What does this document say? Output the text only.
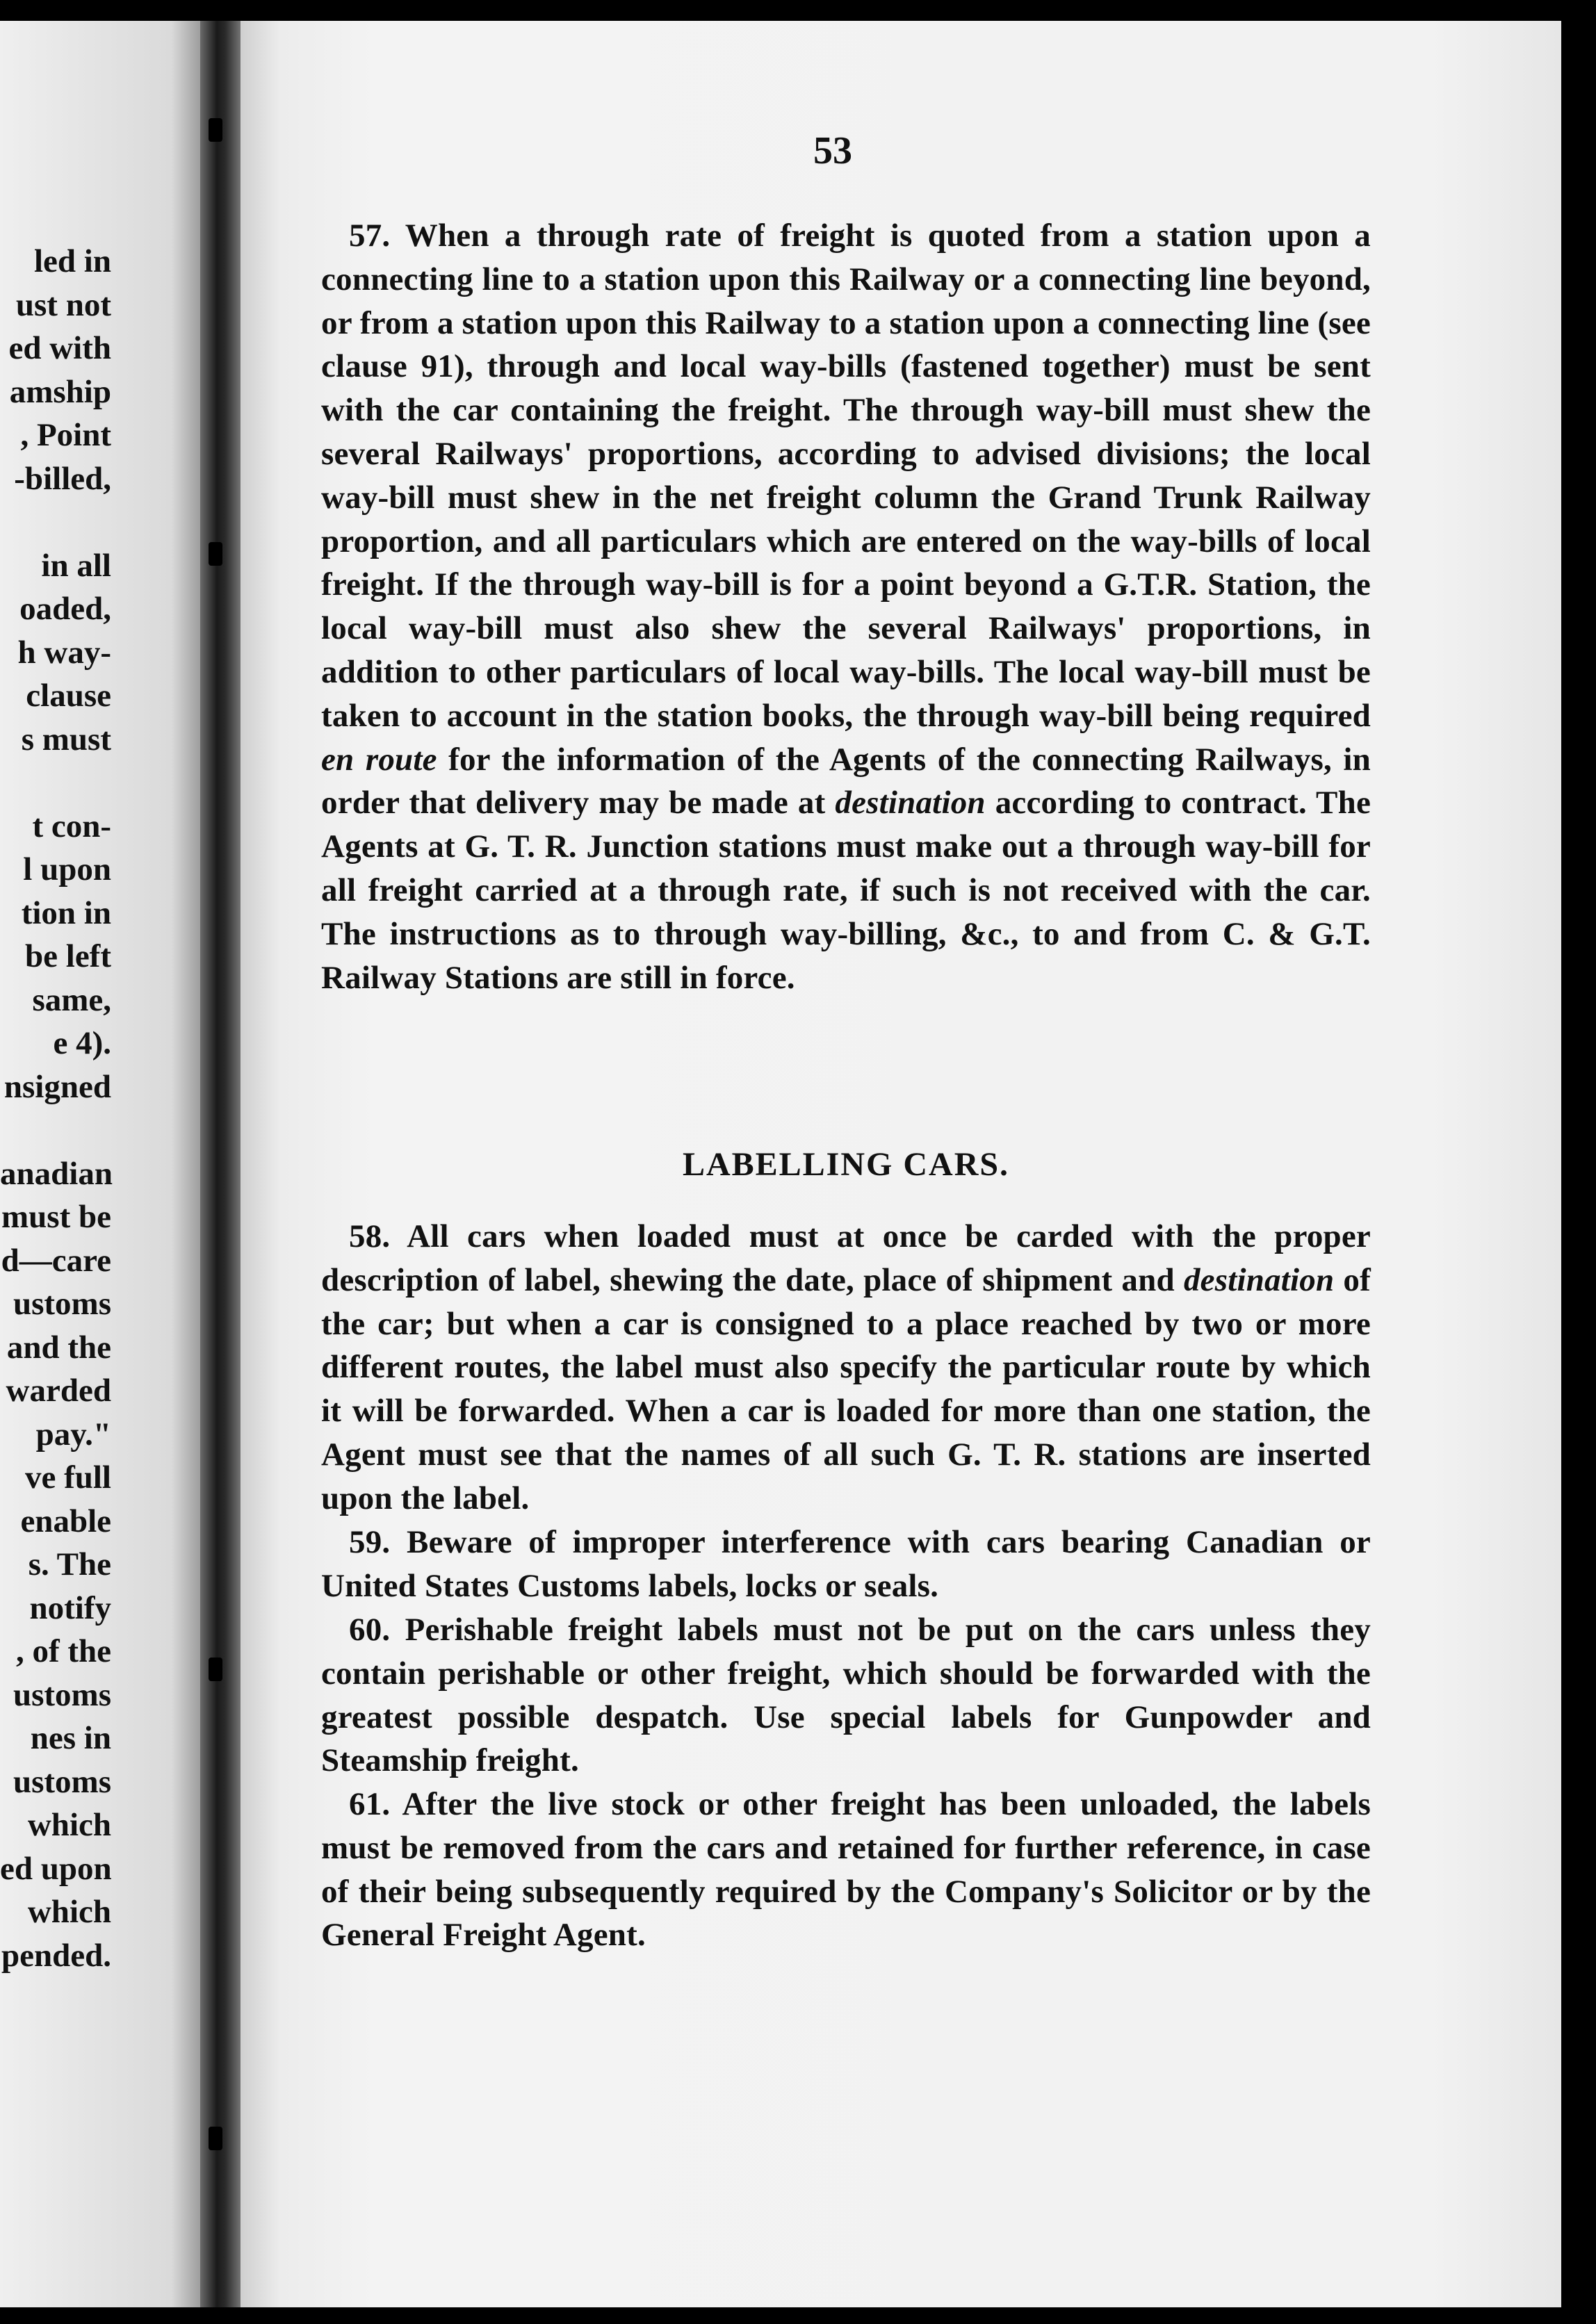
led in
ust not
ed with
amship
, Point
-billed,
in all
oaded,
h way-
clause
s must
t con-
l upon
tion in
be left
same,
e 4).
nsigned
anadian
must be
d—care
ustoms
and the
warded
pay."
ve full
enable
s. The
notify
, of the
ustoms
nes in
ustoms
which
ed upon
which
pended.
53
57. When a through rate of freight is quoted from a station upon a connecting line to a station upon this Railway or a connecting line beyond, or from a station upon this Railway to a station upon a connecting line (see clause 91), through and local way-bills (fastened together) must be sent with the car containing the freight. The through way-bill must shew the several Railways' proportions, according to advised divisions; the local way-bill must shew in the net freight column the Grand Trunk Railway proportion, and all particulars which are entered on the way-bills of local freight. If the through way-bill is for a point beyond a G.T.R. Station, the local way-bill must also shew the several Railways' proportions, in addition to other particulars of local way-bills. The local way-bill must be taken to account in the station books, the through way-bill being required en route for the information of the Agents of the connecting Railways, in order that delivery may be made at destination according to contract. The Agents at G. T. R. Junction stations must make out a through way-bill for all freight carried at a through rate, if such is not received with the car. The instructions as to through way-billing, &c., to and from C. & G.T. Railway Stations are still in force.
LABELLING CARS.
58. All cars when loaded must at once be carded with the proper description of label, shewing the date, place of shipment and destination of the car; but when a car is consigned to a place reached by two or more different routes, the label must also specify the particular route by which it will be forwarded. When a car is loaded for more than one station, the Agent must see that the names of all such G. T. R. stations are inserted upon the label.
59. Beware of improper interference with cars bearing Canadian or United States Customs labels, locks or seals.
60. Perishable freight labels must not be put on the cars unless they contain perishable or other freight, which should be forwarded with the greatest possible despatch. Use special labels for Gunpowder and Steamship freight.
61. After the live stock or other freight has been unloaded, the labels must be removed from the cars and retained for further reference, in case of their being subsequently required by the Company's Solicitor or by the General Freight Agent.
